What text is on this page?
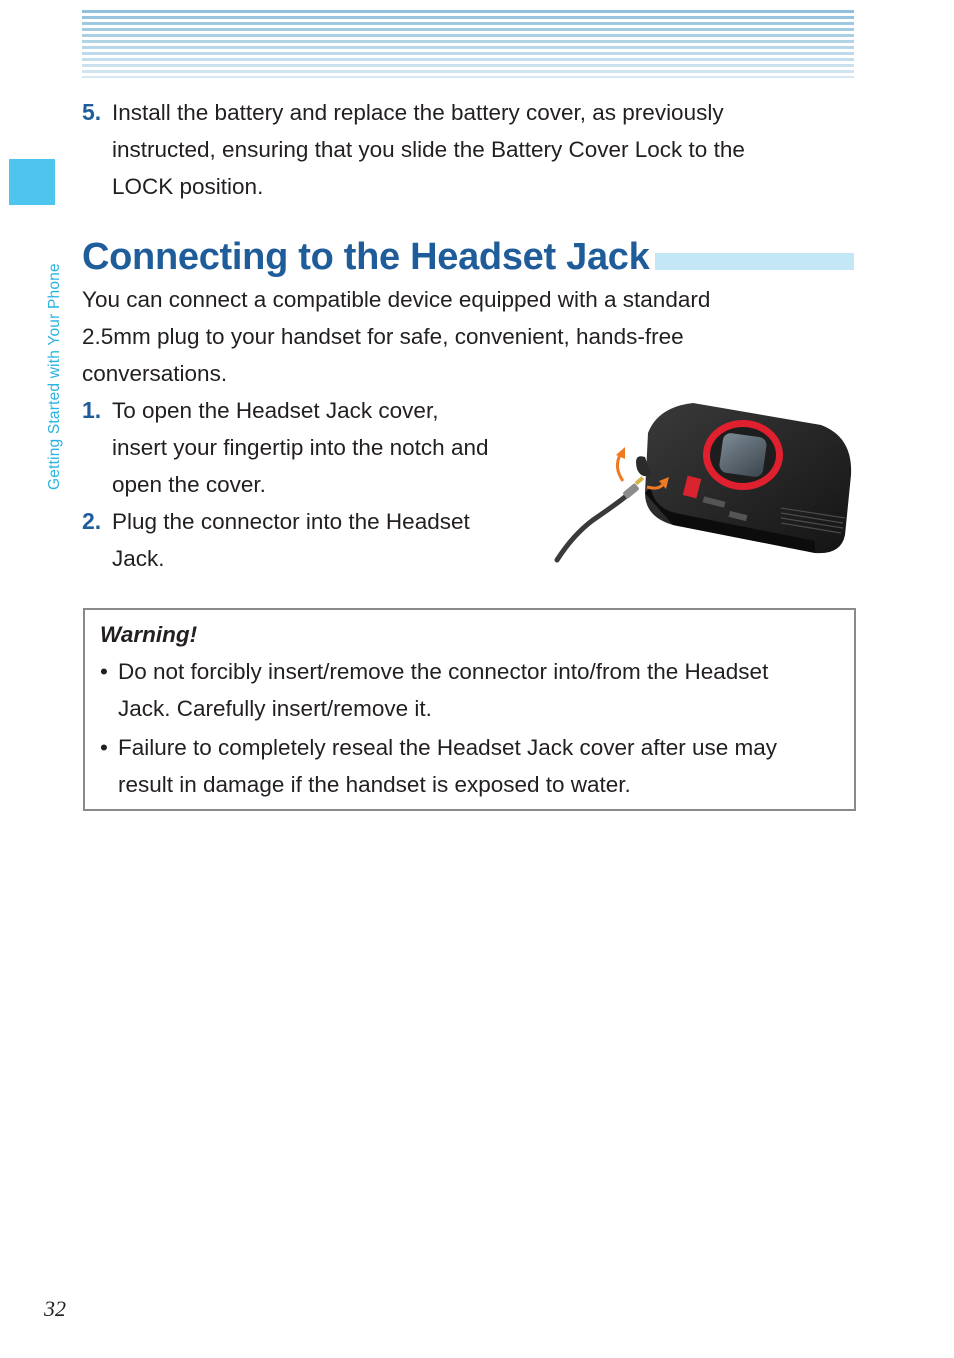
Getting Started with Your Phone
5. Install the battery and replace the battery cover, as previously
instructed, ensuring that you slide the Battery Cover Lock to the
LOCK position.
Connecting to the Headset Jack
You can connect a compatible device equipped with a standard
2.5mm plug to your handset for safe, convenient, hands-free
conversations.
1. To open the Headset Jack cover,
insert your fingertip into the notch and
open the cover.
2. Plug the connector into the Headset
Jack.
Warning!
• Do not forcibly insert/remove the connector into/from the Headset
Jack. Carefully insert/remove it.
• Failure to completely reseal the Headset Jack cover after use may
result in damage if the handset is exposed to water.
32
